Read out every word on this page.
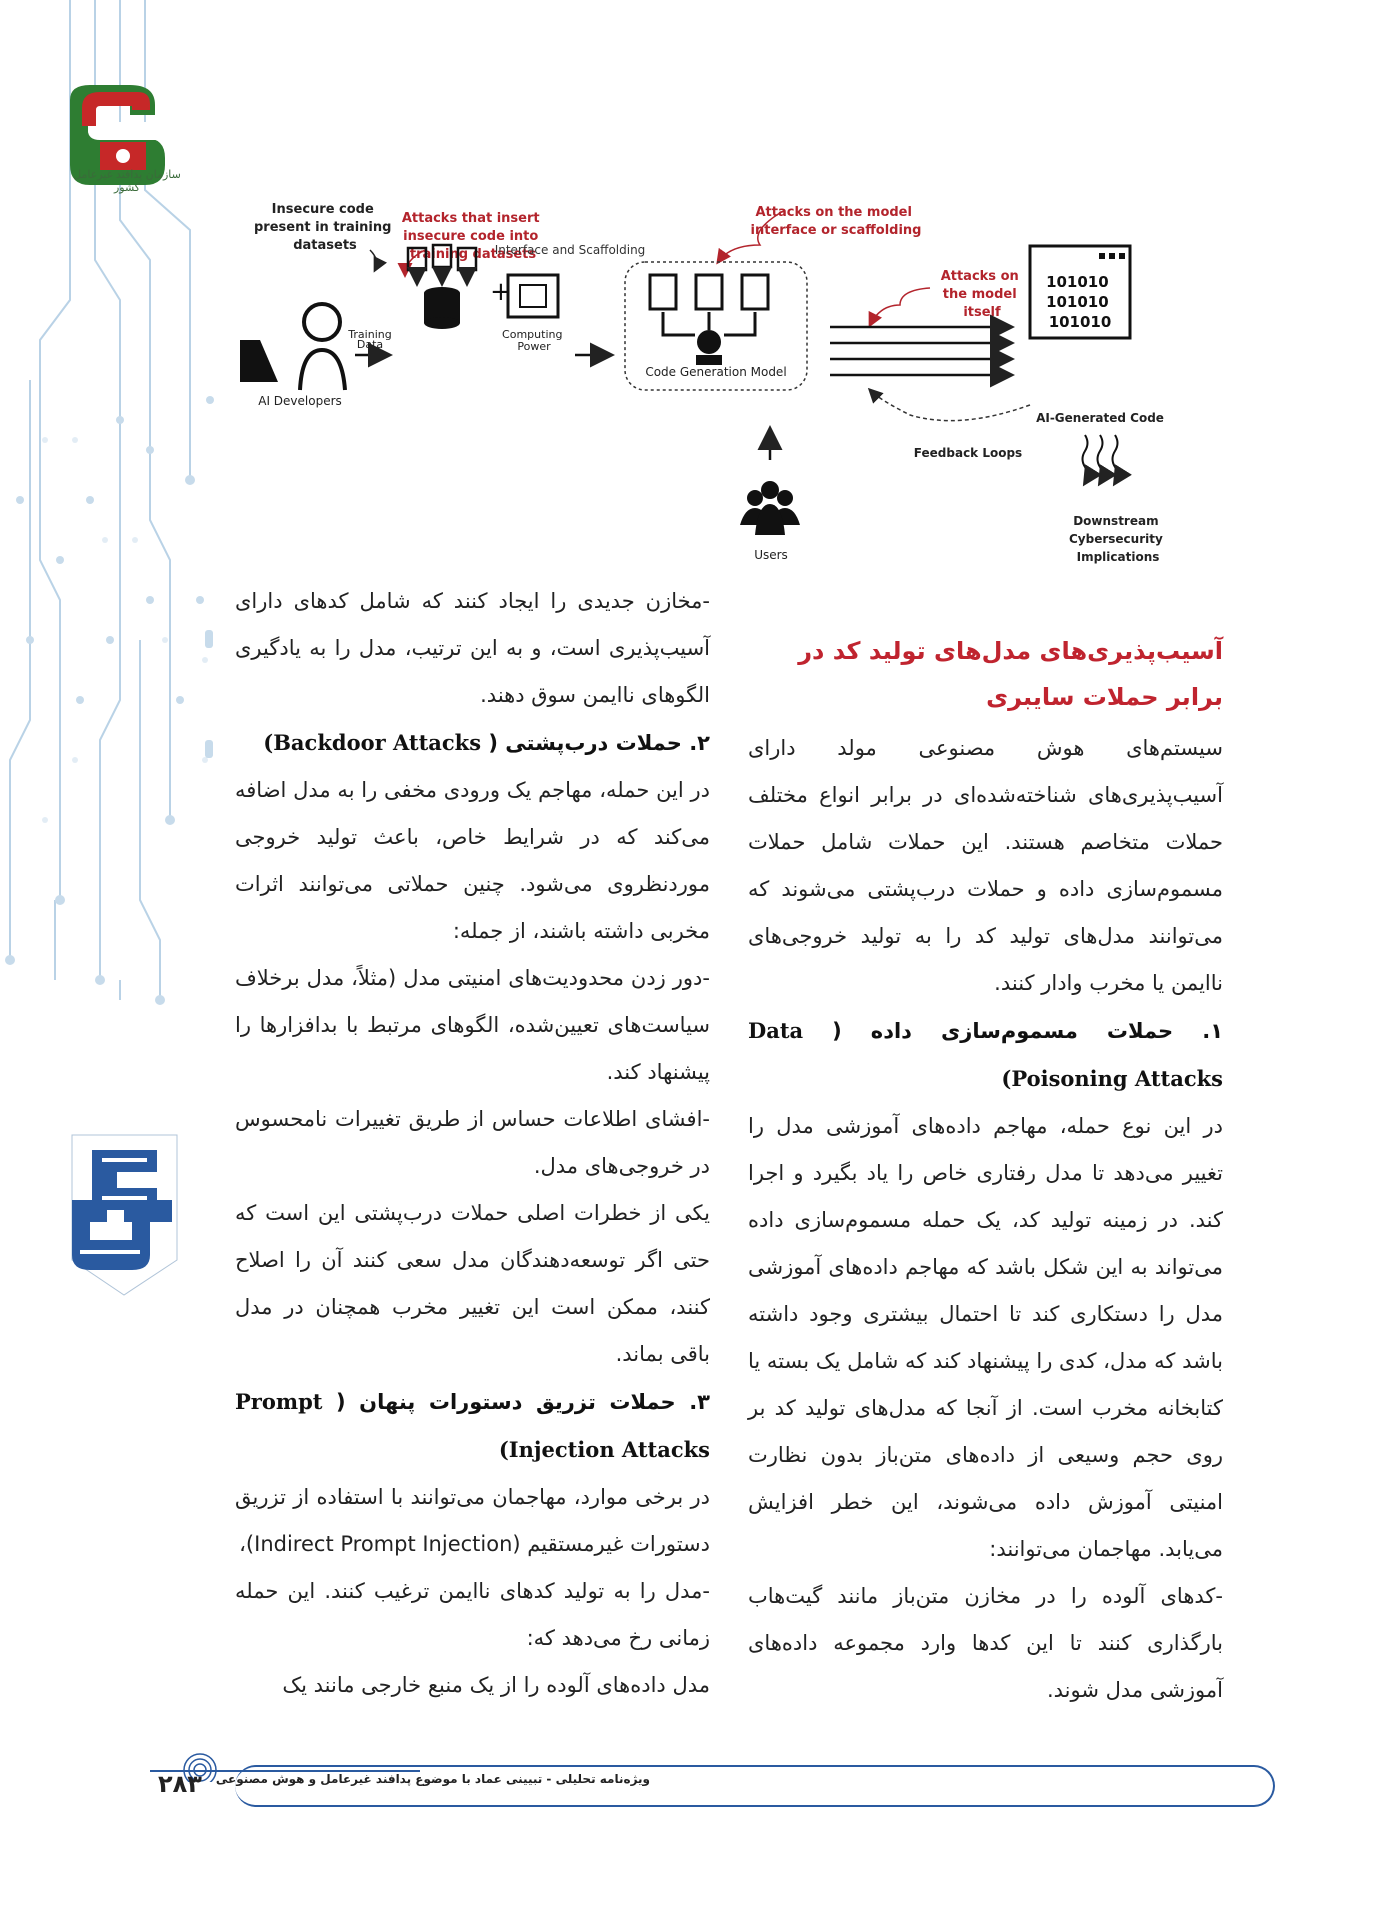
سازمان پدافند غیرعامل کشور
Insecure code present in training datasets
Attacks that insert insecure code into training datasets
Interface and Scaffolding
Attacks on the model interface or scaffolding
Attacks on the model itself
AI Developers
Training
Data
+
Computing Power
Code Generation Model
101010 101010 101010
AI-Generated Code
Feedback Loops
Users
Downstream Cybersecurity Implications
آسیب‌پذیری‌های مدل‌های تولید کد در برابر حملات سایبری

سیستم‌های هوش مصنوعی مولد دارای آسیب‌پذیری‌های شناخته‌شده‌ای در برابر انواع مختلف حملات متخاصم هستند. این حملات شامل حملات مسموم‌سازی داده و حملات درب‌پشتی می‌شوند که می‌توانند مدل‌های تولید کد را به تولید خروجی‌های ناایمن یا مخرب وادار کنند.

۱. حملات مسموم‌سازی داده ( Data Poisoning Attacks)

در این نوع حمله، مهاجم داده‌های آموزشی مدل را تغییر می‌دهد تا مدل رفتاری خاص را یاد بگیرد و اجرا کند. در زمینه تولید کد، یک حمله مسموم‌سازی داده می‌تواند به این شکل باشد که مهاجم داده‌های آموزشی مدل را دستکاری کند تا احتمال بیشتری وجود داشته باشد که مدل، کدی را پیشنهاد کند که شامل یک بسته یا کتابخانه مخرب است. از آنجا که مدل‌های تولید کد بر روی حجم وسیعی از داده‌های متن‌باز بدون نظارت امنیتی آموزش داده می‌شوند، این خطر افزایش می‌یابد. مهاجمان می‌توانند:

-کدهای آلوده را در مخازن متن‌باز مانند گیت‌هاب بارگذاری کنند تا این کدها وارد مجموعه داده‌های آموزشی مدل شوند.

-مخازن جدیدی را ایجاد کنند که شامل کدهای دارای آسیب‌پذیری است، و به این ترتیب، مدل را به یادگیری الگوهای ناایمن سوق دهند.

۲. حملات درب‌پشتی ( Backdoor Attacks)

در این حمله، مهاجم یک ورودی مخفی را به مدل اضافه می‌کند که در شرایط خاص، باعث تولید خروجی موردنظروی می‌شود. چنین حملاتی می‌توانند اثرات مخربی داشته باشند، از جمله:

-دور زدن محدودیت‌های امنیتی مدل (مثلاً، مدل برخلاف سیاست‌های تعیین‌شده، الگوهای مرتبط با بدافزارها را پیشنهاد کند.

-افشای اطلاعات حساس از طریق تغییرات نامحسوس در خروجی‌های مدل.

یکی از خطرات اصلی حملات درب‌پشتی این است که حتی اگر توسعه‌دهندگان مدل سعی کنند آن را اصلاح کنند، ممکن است این تغییر مخرب همچنان در مدل باقی بماند.

۳. حملات تزریق دستورات پنهان ( Prompt Injection Attacks)

در برخی موارد، مهاجمان می‌توانند با استفاده از تزریق دستورات غیرمستقیم (Indirect Prompt Injection)،

-مدل را به تولید کدهای ناایمن ترغیب کنند. این حمله زمانی رخ می‌دهد که:

مدل داده‌های آلوده را از یک منبع خارجی مانند یک

۲۸۳ ویژه‌نامه تحلیلی - تبیینی عماد با موضوع پدافند غیرعامل و هوش مصنوعی
